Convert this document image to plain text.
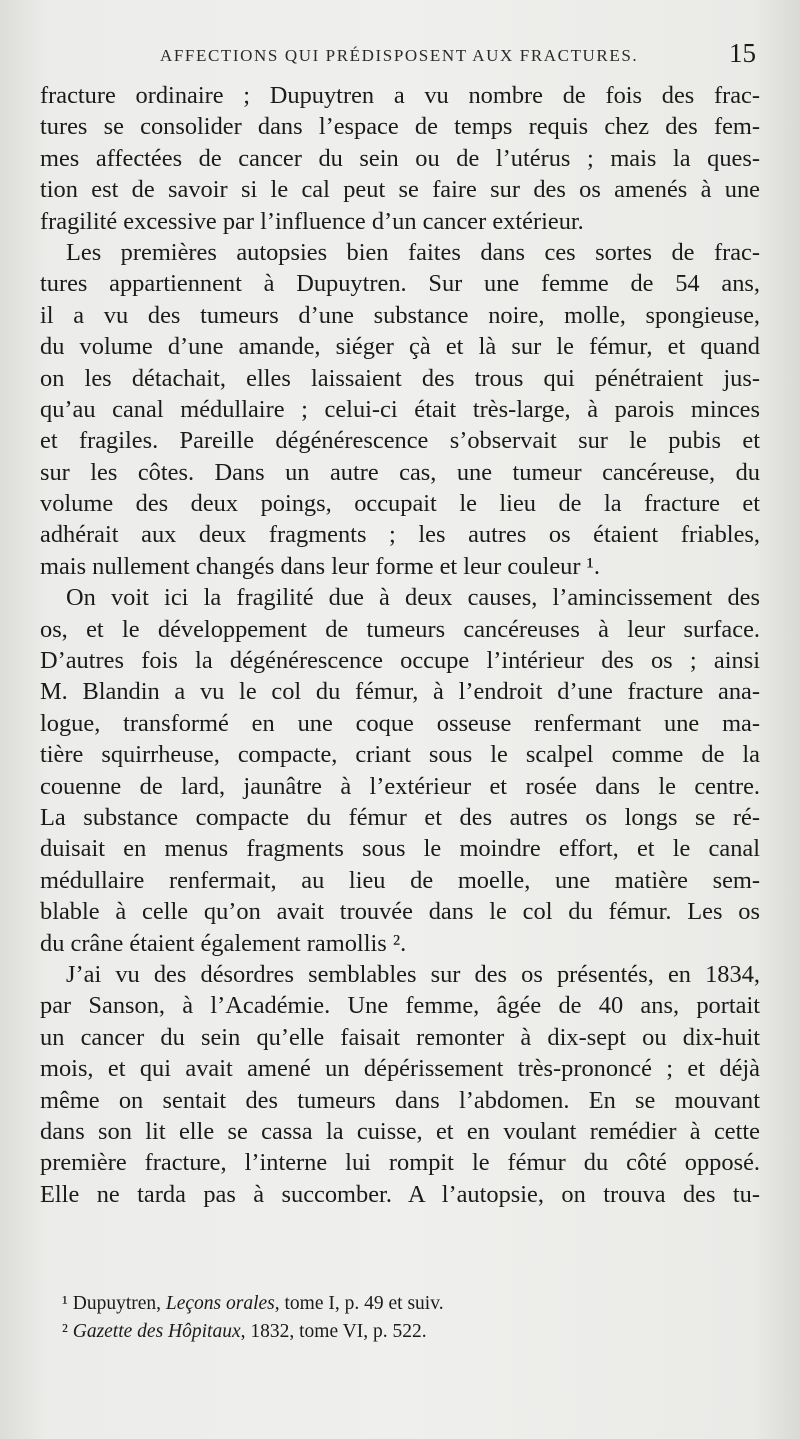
AFFECTIONS QUI PRÉDISPOSENT AUX FRACTURES.	15
fracture ordinaire ; Dupuytren a vu nombre de fois des frac-
tures se consolider dans l’espace de temps requis chez des fem-
mes affectées de cancer du sein ou de l’utérus ; mais la ques-
tion est de savoir si le cal peut se faire sur des os amenés à une
fragilité excessive par l’influence d’un cancer extérieur.
Les premières autopsies bien faites dans ces sortes de frac-
tures appartiennent à Dupuytren. Sur une femme de 54 ans,
il a vu des tumeurs d’une substance noire, molle, spongieuse,
du volume d’une amande, siéger çà et là sur le fémur, et quand
on les détachait, elles laissaient des trous qui pénétraient jus-
qu’au canal médullaire ; celui-ci était très-large, à parois minces
et fragiles. Pareille dégénérescence s’observait sur le pubis et
sur les côtes. Dans un autre cas, une tumeur cancéreuse, du
volume des deux poings, occupait le lieu de la fracture et
adhérait aux deux fragments ; les autres os étaient friables,
mais nullement changés dans leur forme et leur couleur ¹.
On voit ici la fragilité due à deux causes, l’amincissement des
os, et le développement de tumeurs cancéreuses à leur surface.
D’autres fois la dégénérescence occupe l’intérieur des os ; ainsi
M. Blandin a vu le col du fémur, à l’endroit d’une fracture ana-
logue, transformé en une coque osseuse renfermant une ma-
tière squirrheuse, compacte, criant sous le scalpel comme de la
couenne de lard, jaunâtre à l’extérieur et rosée dans le centre.
La substance compacte du fémur et des autres os longs se ré-
duisait en menus fragments sous le moindre effort, et le canal
médullaire renfermait, au lieu de moelle, une matière sem-
blable à celle qu’on avait trouvée dans le col du fémur. Les os
du crâne étaient également ramollis ².
J’ai vu des désordres semblables sur des os présentés, en 1834,
par Sanson, à l’Académie. Une femme, âgée de 40 ans, portait
un cancer du sein qu’elle faisait remonter à dix-sept ou dix-huit
mois, et qui avait amené un dépérissement très-prononcé ; et déjà
même on sentait des tumeurs dans l’abdomen. En se mouvant
dans son lit elle se cassa la cuisse, et en voulant remédier à cette
première fracture, l’interne lui rompit le fémur du côté opposé.
Elle ne tarda pas à succomber. A l’autopsie, on trouva des tu-
¹ Dupuytren, Leçons orales, tome I, p. 49 et suiv.
² Gazette des Hôpitaux, 1832, tome VI, p. 522.
